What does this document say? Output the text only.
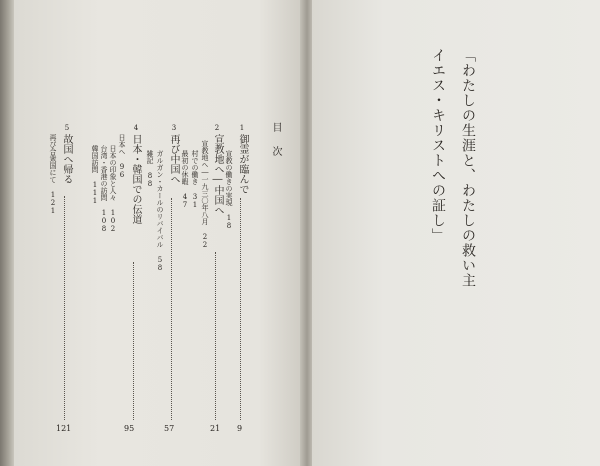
「わたしの生涯と、わたしの救い主
イエス・キリストへの証し」
目次
1
御霊が臨んで
宣教の働きの実現 18
9
2
宣教地へ―中国へ
宣教地へ―一九三〇年八月 22
村での働き 31
最初の休暇 47
21
3
再び中国へ
ガルガン・カールのリバイバル 58
雑記 88
57
4
日本・韓国での伝道
日本へ 96
日本の印象と人々 102
台湾・香港の訪問 108
韓国訪問 111
95
5
故国へ帰る
再び合衆国にて 121
121
